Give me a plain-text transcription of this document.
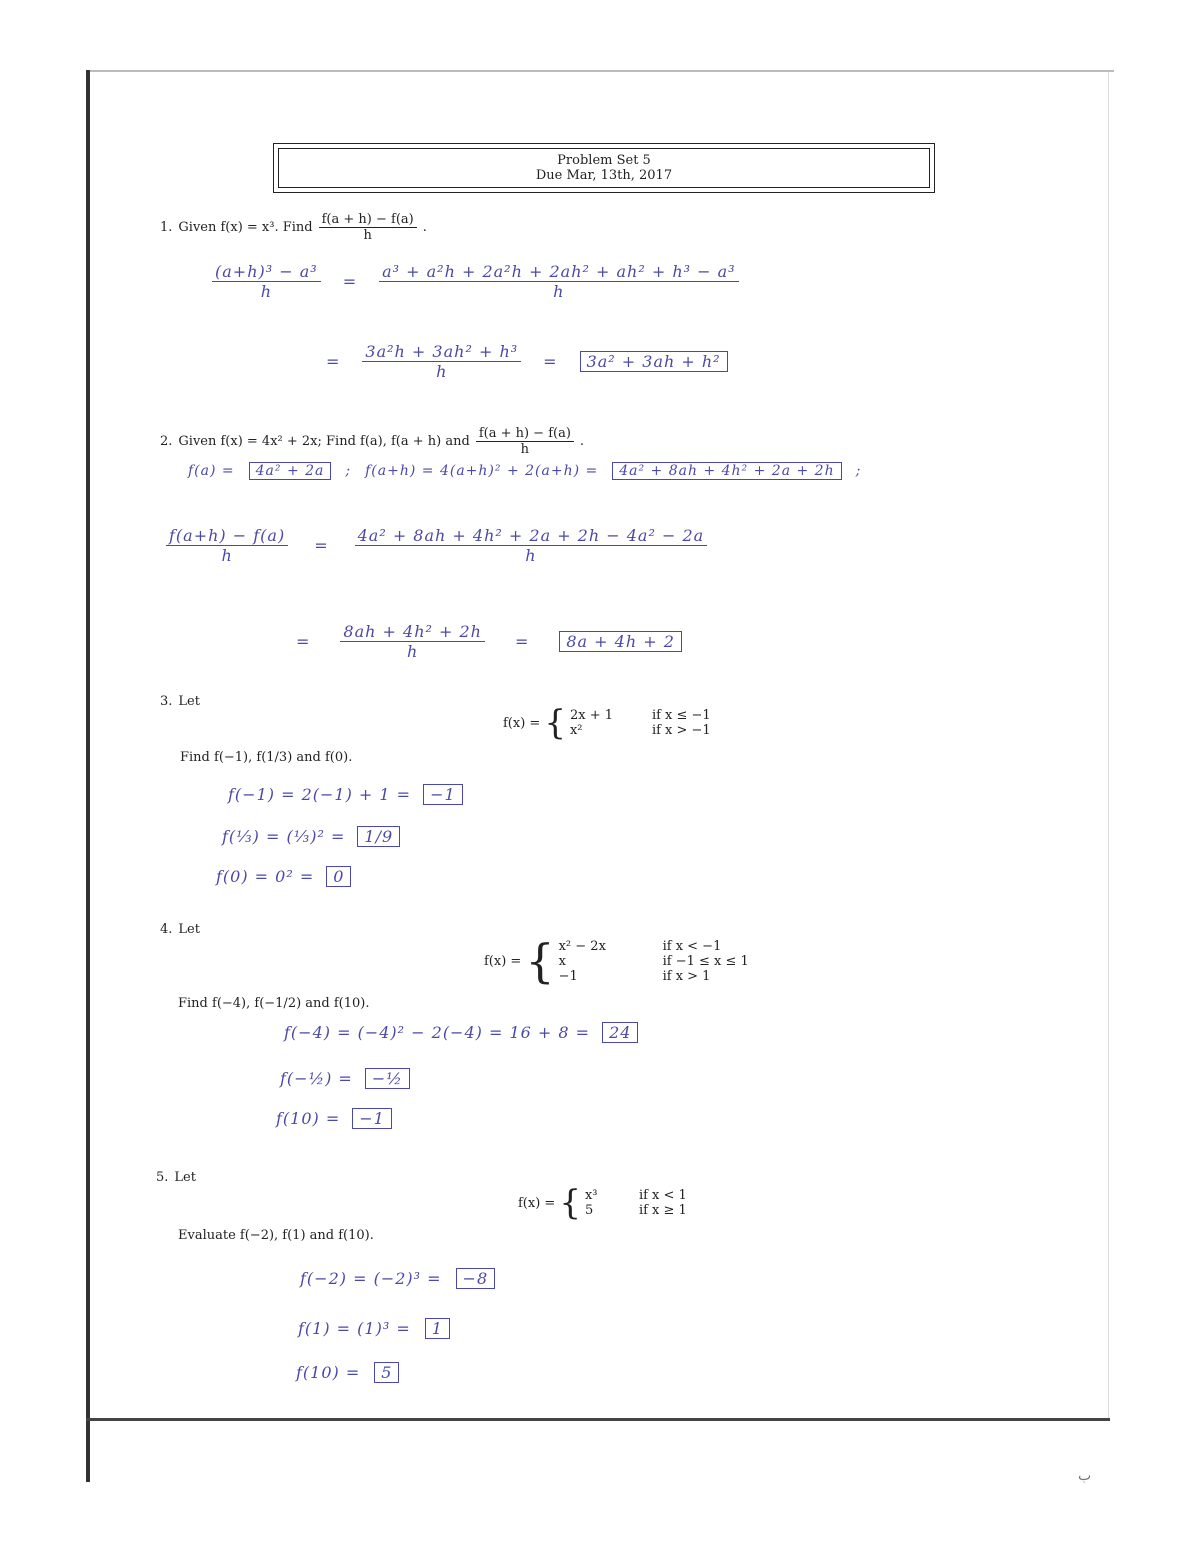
Problem Set 5
Due Mar, 13th, 2017
1. Given f(x) = x³. Find $\frac{f(a + h) - f(a)}{h}$ .
$\frac{\text{(a+h)³ − a³}}{h} = \frac{\text{a³ + a²h + 2a²h + 2ah² + ah² + h³ − a³}}{h}$
= $\frac{\text{3a²h + 3ah² + h³}}{h}$ =	3a² + 3ah + h²
2. Given f(x) = 4x² + 2x; Find f(a), f(a + h) and $\frac{f(a + h) - f(a)}{h}$ .
f(a) =	4a² + 2a	; f(a+h) = 4(a+h)² + 2(a+h) =	4a² + 8ah + 4h² + 2a + 2h	;
$\frac{f(a+h) - f(a)}{h} = \frac{\text{4a² + 8ah + 4h² + 2a + 2h − 4a² − 2a}}{h}$
= $\frac{\text{8ah + 4h² + 2h}}{h}$ =	8a + 4h + 2
3. Let
f(x) = { 2x + 1	if x ≤ −1
x²	if x > −1
Find f(−1), f(1/3) and f(0).
f(−1) = 2(−1) + 1 =	−1
f(⅓) = (⅓)² =	1/9
f(0) = 0² =	0
4. Let
f(x) = { x² − 2x	if x < −1
x	if −1 ≤ x ≤ 1
−1	if x > 1
Find f(−4), f(−1/2) and f(10).
f(−4) = (−4)² − 2(−4) = 16 + 8 =	24
f(−½) =	−½
f(10) =	−1
5. Let
f(x) = { x³	if x < 1
5	if x ≥ 1
Evaluate f(−2), f(1) and f(10).
f(−2) = (−2)³ =	−8
f(1) = (1)³ =	1
f(10) =	5
ب
